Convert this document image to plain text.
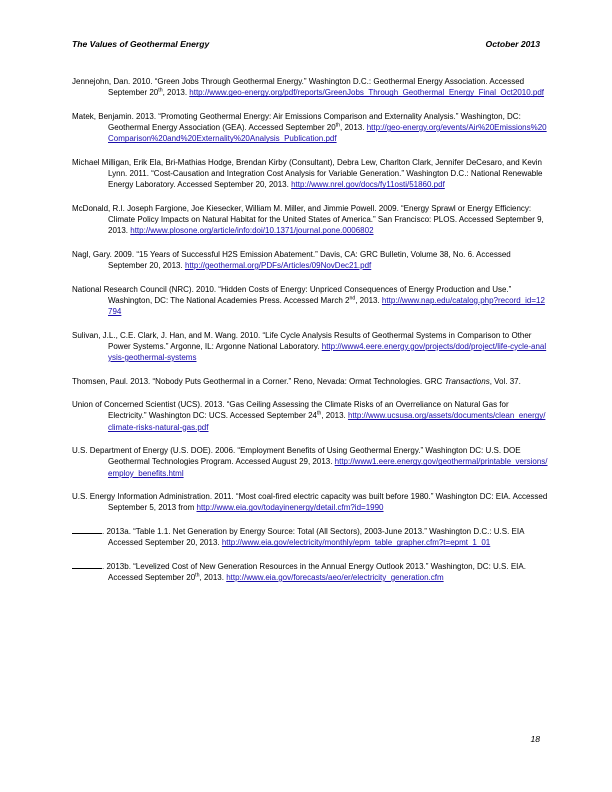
The Values of Geothermal Energy	October 2013
Jennejohn, Dan. 2010. “Green Jobs Through Geothermal Energy.” Washington D.C.: Geothermal Energy Association. Accessed September 20th, 2013. http://www.geo-energy.org/pdf/reports/GreenJobs_Through_Geothermal_Energy_Final_Oct2010.pdf
Matek, Benjamin. 2013. “Promoting Geothermal Energy: Air Emissions Comparison and Externality Analysis.” Washington, DC: Geothermal Energy Association (GEA). Accessed September 20th, 2013. http://geo-energy.org/events/Air%20Emissions%20Comparison%20and%20Externality%20Analysis_Publication.pdf
Michael Milligan, Erik Ela, Bri-Mathias Hodge, Brendan Kirby (Consultant), Debra Lew, Charlton Clark, Jennifer DeCesaro, and Kevin Lynn. 2011. “Cost-Causation and Integration Cost Analysis for Variable Generation.” Washington D.C.: National Renewable Energy Laboratory. Accessed September 20, 2013. http://www.nrel.gov/docs/fy11osti/51860.pdf
McDonald, R.I. Joseph Fargione, Joe Kiesecker, William M. Miller, and Jimmie Powell. 2009. “Energy Sprawl or Energy Efficiency: Climate Policy Impacts on Natural Habitat for the United States of America.” San Francisco: PLOS. Accessed September 9, 2013. http://www.plosone.org/article/info:doi/10.1371/journal.pone.0006802
Nagl, Gary. 2009. “15 Years of Successful H2S Emission Abatement.” Davis, CA: GRC Bulletin, Volume 38, No. 6. Accessed September 20, 2013. http://geothermal.org/PDFs/Articles/09NovDec21.pdf
National Research Council (NRC). 2010. “Hidden Costs of Energy: Unpriced Consequences of Energy Production and Use.” Washington, DC: The National Academies Press. Accessed March 2nd, 2013. http://www.nap.edu/catalog.php?record_id=12794
Sulivan, J.L., C.E. Clark, J. Han, and M. Wang. 2010. “Life Cycle Analysis Results of Geothermal Systems in Comparison to Other Power Systems.” Argonne, IL: Argonne National Laboratory. http://www4.eere.energy.gov/projects/dod/project/life-cycle-analysis-geothermal-systems
Thomsen, Paul. 2013. “Nobody Puts Geothermal in a Corner.” Reno, Nevada: Ormat Technologies. GRC Transactions, Vol. 37.
Union of Concerned Scientist (UCS). 2013. “Gas Ceiling Assessing the Climate Risks of an Overreliance on Natural Gas for Electricity.” Washington DC: UCS. Accessed September 24th, 2013. http://www.ucsusa.org/assets/documents/clean_energy/climate-risks-natural-gas.pdf
U.S. Department of Energy (U.S. DOE). 2006. “Employment Benefits of Using Geothermal Energy.” Washington DC: U.S. DOE Geothermal Technologies Program. Accessed August 29, 2013. http://www1.eere.energy.gov/geothermal/printable_versions/employ_benefits.html
U.S. Energy Information Administration. 2011. “Most coal-fired electric capacity was built before 1980.” Washington DC: EIA. Accessed September 5, 2013 from http://www.eia.gov/todayinenergy/detail.cfm?id=1990
. 2013a. “Table 1.1. Net Generation by Energy Source: Total (All Sectors), 2003-June 2013.” Washington D.C.: U.S. EIA Accessed September 20, 2013. http://www.eia.gov/electricity/monthly/epm_table_grapher.cfm?t=epmt_1_01
. 2013b. “Levelized Cost of New Generation Resources in the Annual Energy Outlook 2013.” Washington, DC: U.S. EIA. Accessed September 20th, 2013. http://www.eia.gov/forecasts/aeo/er/electricity_generation.cfm
18
